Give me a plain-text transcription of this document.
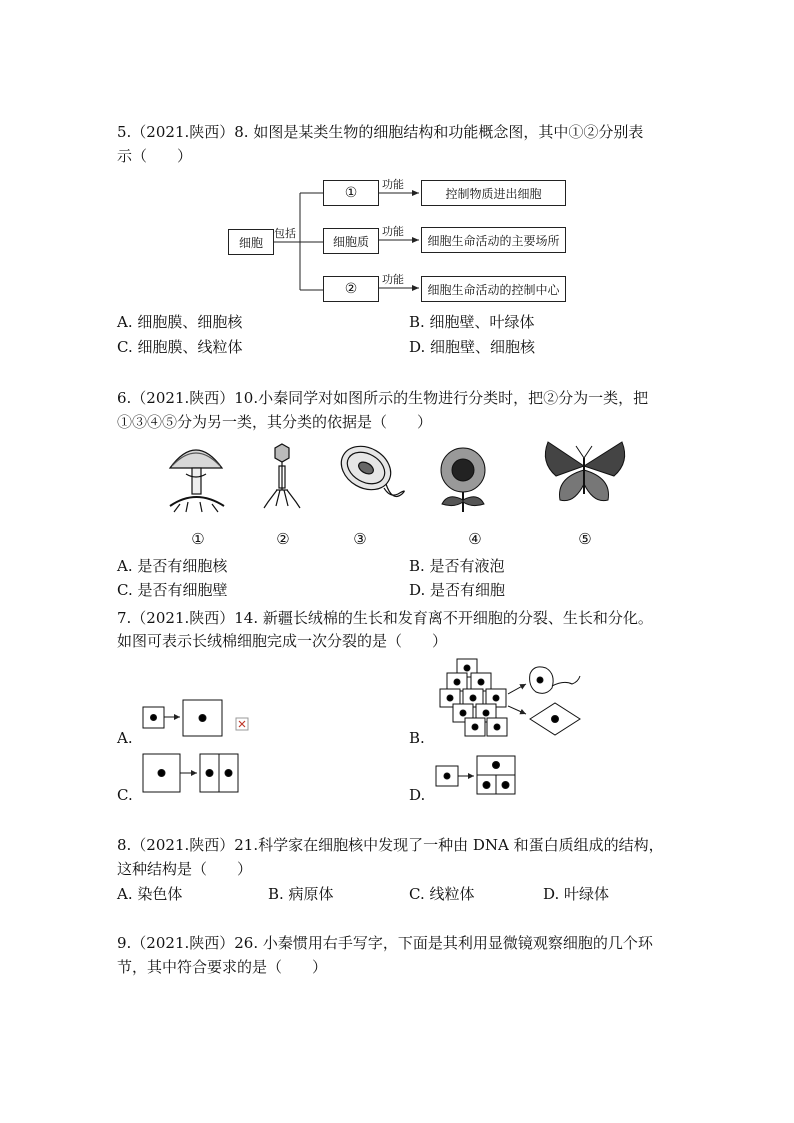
5.（2021.陕西）8. 如图是某类生物的细胞结构和功能概念图，其中①②分别表
示（　　）
细胞
包括
①
细胞质
②
功能
功能
功能
控制物质进出细胞
细胞生命活动的主要场所
细胞生命活动的控制中心
A. 细胞膜、细胞核	B. 细胞壁、叶绿体
C. 细胞膜、线粒体	D. 细胞壁、细胞核
6.（2021.陕西）10.小秦同学对如图所示的生物进行分类时，把②分为一类，把
①③④⑤分为另一类，其分类的依据是（　　）
①	②	③	④	⑤
A. 是否有细胞核	B. 是否有液泡
C. 是否有细胞壁	D. 是否有细胞
7.（2021.陕西）14. 新疆长绒棉的生长和发育离不开细胞的分裂、生长和分化。
如图可表示长绒棉细胞完成一次分裂的是（　　）
A.	B.
C.	D.
8.（2021.陕西）21.科学家在细胞核中发现了一种由 DNA 和蛋白质组成的结构，
这种结构是（　　）
A. 染色体	B. 病原体	C. 线粒体	D. 叶绿体
9.（2021.陕西）26. 小秦惯用右手写字，下面是其利用显微镜观察细胞的几个环
节，其中符合要求的是（　　）
